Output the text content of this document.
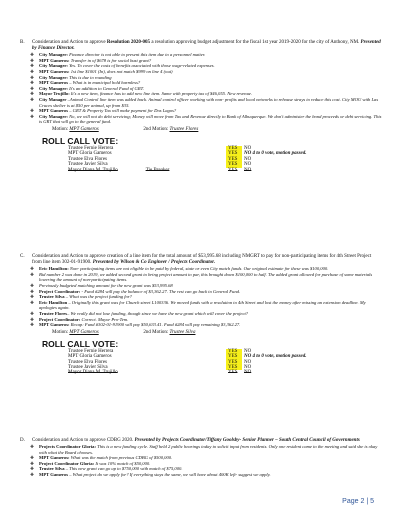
B.	Consideration and Action to approve Resolution 2020-005 a resolution approving budget adjustment for the fiscal 1st year 2019-2020 for the city of Anthony, NM. Presented by Finance Director.
❖ City Manager: Finance director is not able to present this item due to a personnel matter.
❖ MPT Gameros: Transfer in of $678 is for social bust grant?
❖ City Manager: Yes. To cover the costs of benefits associated with those wage-related expenses.
❖ MPT Gameros: 1st line $1001 (In), does not match $999 on line 4 (out)
❖ City Manager: This is due to rounding
❖ MPT Gameros – What is in municipal hold harmless?
❖ City Manager: It's an addition to General Fund of GRT.
❖ Mayor Trujillo: It's a new item, finance has to add new line item. Same with property tax of $46,055. New revenue.
❖ City Manager –Animal Control line item was added back. Animal control officer working with non- profits and local networks to rehouse strays to reduce this cost. City MOU with Las Cruces shelter is at $50 per animal, up from $35.
❖ MPT Gameros – GRT & Property Tax will make payment for Dos Lagos?
❖ City Manager: No, we will not do debt servicing; Money will move from Tax and Revenue directly to Bank of Albuquerque. We don't administer the bond proceeds or debt servicing. This is GRT that will go to the general fund.
Motion: MPT Gameros	2nd Motion: Trustee Flores
ROLL CALL VOTE:
Trustee Fernie Herrera	YES	NO
MPT Gloria Gameros	YES	NO 4 to 0 vote, motion passed.
Trustee Elva Flores	YES	NO
Trustee Javier Silva	YES	NO
Mayor Diana M. Trujillo Tie Breaker	YES	NO
C.	Consideration and Action to approve creation of a line item for the total amount of $53,995.68 including NMGRT to pay for non-participating items for 4th Street Project from line item 302-01-91900. Presented by Wilson & Co Engineer / Projects Coordinator.
❖ Eric Hamilton: Non- participating items are not eligible to be paid by federal, state or even City match funds. Our original estimate for these was $100,000.
❖ Bid number 2 was done in 2019, we added second grant to bring project amount to par, this brought down $100,000 to half. The added grant allowed for purchase of some materials lowering the amount of non-participating items.
❖ Previously budgeted matching amount for the new grant was $53,995.68
❖ Project Coordinator: - Fund #284 will pay the balance of $3,362.27. The rest can go back to General Fund.
❖ Trustee Silva – What was the project funding for?
❖ Eric Hamilton – Originally this grant was for Church street L100336. We moved funds with a resolution to 4th Street and lost the money after missing an extension deadline. My apologies again.
❖ Trustee Flores– We really did not lose funding, though since we have the new grant which will cover the project?
❖ Project Coordinator: Correct. Mayor Pro-Tem.
❖ MPT Gameros: Recap: Fund #302-01-91900 will pay $50,633.41. Fund #284 will pay remaining $3,362.27.
Motion: MPT Gameros	2nd Motion: Trustee Silva
ROLL CALL VOTE:
Trustee Fernie Herrera	YES	NO
MPT Gloria Gameros	YES	NO 4 to 0 vote, motion passed.
Trustee Elva Flores	YES	NO
Trustee Javier Silva	YES	NO
Mayor Diana M. Trujillo	YES	NO
D.	Consideration and Action to approve CDBG 2020. Presented by Projects Coordinator/Tiffany Goolsby- Senior Planner – South Central Council of Governments
❖ Projects Coordinator Gloria: This is a new funding cycle. Staff held 2 public hearings today to solicit input from residents. Only one resident came to the meeting and said she is okay with what the Board chooses.
❖ MPT Gameros: What was the match from previous CDBG of $500,000.
❖ Project Coordinator Gloria: It was 10% match of $50,000.
❖ Trustee Silva – This new grant can go up to $750,000 with match of $75,000.
❖ MPT Gameros – What project do we apply for? If everything stays the same, we will have about 400K left- suggest we apply.
Page 2 | 5
